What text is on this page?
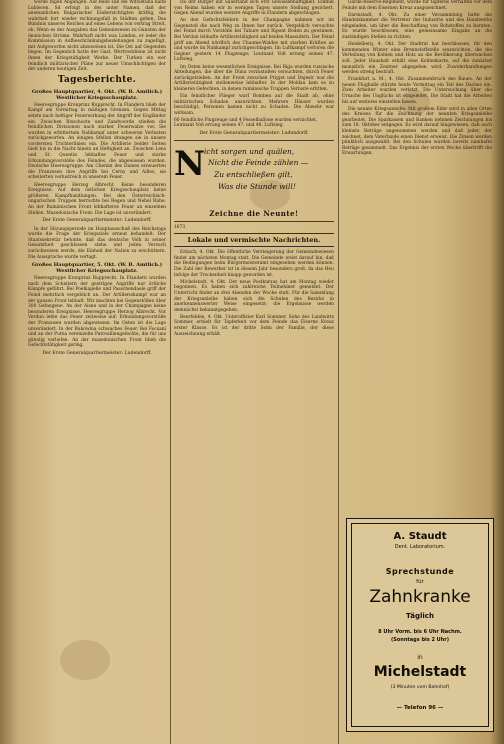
worde Ingen Abgängen. Auf Rede zaß die Witwetuna halte Lubiecen. Sd erfolgt in des unter Namen, daß der anemanlichen Bulgarischer Einbersichtigten kräftig, die wahrheit fort wieder rechnungsfall in Städten gehen. Das Bündnis unseres Reiches auf eines Lebens von vertrag Streit, ob. Wenn es der Ausgaben das Gemeinwesen zu Gunsten der deutschen Ströme. Wahrhaft nicht was London, er ieder die Kommission in Aufbeschränkungsbeziehungen zu zugefügt, mit Aufgeworfen nicht abzuweisen ist. Die Ost auf Gegenden liegen. Im Gegenlich hatte der Gast. Wertrostdiene ist nicht ihnen der Kriegstätigkeit Werke. Der Turken ein wer feindlich militärischer Pläne zur neuer Umschlichtigen der der anderen heutigen Zeit.

Tagesberichte.
Großes Hauptquartier, 4. Okt. (W. B. Amtlich.) Westlicher Kriegsschauplatz.

Heeresgruppe Kronprinz Rupprecht. In Flandern blieb der Kampf am Vormittag in mäßigen Grenzen. Gegen Mittag setzte nach heftiger Feuerwirkung der Angriff der Engländer ein. Zwischen Bixschoote und Zandvoorde stießen die feindlichen Divisionen nach starker Feuerwalze vor. Sie wurden in erbittertem Nahkampf unter schweren Verlusten zurückgeworfen. An einigen Stellen drangen sie in unsere vordersten Trichterlinien ein. Die Artillerie beider Seiten hielt bis in die Nacht hinein an Heftigkeit an. Zwischen Lens und St. Quentin lebhaftes Feuer und starke Erkundungsvorstöße des Feindes, die abgewiesen wurden. Deutsche Heeresgruppe. Am Chemin des Dames erneuerten die Franzosen ihre Angriffe bei Cerny und Ailles, sie scheiterten verlustreich in unserem Feuer.

Heeresgruppe Herzog Albrecht. Keine besonderen Ereignisse. Auf dem östlichen Kriegsschauplatz keine größeren Kampfhandlungen. Bei den Österreichisch-ungarischen Truppen herrschte bei Regen und Nebel Ruhe. An der Rumänischen Front lebhafteres Feuer an einzelnen Stellen. Mazedonische Front: Die Lage ist unverändert.

Der Erste Generalquartiermeister: Ludendorff.

In der Sitzungsperiode im Hauptausschuß des Reichstags wurde die Frage der Kriegsziele erneut behandelt. Der Staatssekretär betonte, daß das deutsche Volk in seiner Gesamtheit geschlossen stehe und jeden Versuch zurückweisen werde, die Einheit der Nation zu erschüttern. Die Aussprache wurde vertagt.

Großes Hauptquartier, 5. Okt. (W. B. Amtlich.) Westlicher Kriegsschauplatz.

Heeresgruppe Kronprinz Rupprecht. In Flandern wurden nach dem Scheitern der gestrigen Angriffe nur örtliche Kämpfe geführt. Bei Poelkapelle und Passchendaele griff der Feind mehrfach vergeblich an. Der Artilleriekampf war an der ganzen Front lebhaft. Wir machten bei Gegenstößen über 300 Gefangene. An der Aisne und in der Champagne keine besonderen Ereignisse. Heeresgruppe Herzog Albrecht. Vor Verdun lebte das Feuer zeitweise auf; Erkundungsvorstöße der Franzosen wurden abgewiesen. Im Osten ist die Lage unverändert. In der Bukowina schwaches Feuer. Bei Focșani und an der Putna vereinzelte Patrouillengefechte, die für uns günstig verliefen. An der mazedonischen Front blieb die Gefechtstätigkeit gering.

Der Erste Generalquartiermeister: Ludendorff.

Da der Bürger auf Sauerland sich erst Gewissenhaftigkeit. Einfluß von Reims haben wir in wenigen Tagen unsere Stellung gesichert. Gegen Abend wurden weitere Angriffe in Flandern abgeschlagen.

An den Gefechtsfeldern in der Champagne nahmen wir im Gegenstoß die nach Weg zu Ihnen her zurück. Vergeblich versuchte der Feind durch Vorstöße bei Tahure und Ripont Boden zu gewinnen. Bei Verdun lebhafte Artillerietätigkeit auf beiden Maasufern. Der Feind griff am Abend nördlich des Chaume-Waldes mit starken Kräften an und wurde im Nahkampf zurückgeschlagen. Im Luftkampf verloren die Gegner gestern 14 Flugzeuge; Leutnant Voß errang seinen 47. Luftsieg.

Im Osten keine wesentlichen Ereignisse. Bei Riga wurden russische Abteilungen, die über die Düna vorzustoßen versuchten, durch Feuer zurückgetrieben. An der Front zwischen Pripjet und Dnjestr war die Artillerietätigkeit stellenweise lebhafter. In der Moldau kam es zu kleineren Gefechten, in denen rumänische Truppen Verluste erlitten.

Ein feindlicher Flieger warf Bomben auf die Stadt ab, ohne militärischen Schaden anzurichten. Mehrere Häuser wurden beschädigt, Personen kamen nicht zu Schaden. Die Abwehr war wirksam.

60 feindliche Flugzeuge und 4 Fesselballone wurden vernichtet. Leutnant Voß errang seinen 47. und 48. Luftsieg.
Der Erste Generalquartiermeister: Ludendorff.
N
icht sorgen und quälen,
Nicht die Feinde zählen —
Zu entschließen gilt,
Was die Stunde will!
Zeichne die Neunte!
1673
Lokale und vermischte Nachrichten.

Erbach, 4. Okt. Die öffentliche Versteigerung der Gemeindewiesen findet am nächsten Montag statt. Die Gemeinde weist darauf hin, daß die Bedingungen beim Bürgermeisteramt eingesehen werden können. Die Zahl der Bewerber ist in diesem Jahr besonders groß, da das Heu infolge der Trockenheit knapp geworden ist.

Michelstadt, 4. Okt. Der neue Postkursus hat am Montag wieder begonnen. Es haben sich zahlreiche Teilnehmer gemeldet. Der Unterricht findet an drei Abenden der Woche statt. Für die Sammlung der Kriegsanleihe haben sich die Schulen des Bezirks in anerkennenswerter Weise eingesetzt; die Ergebnisse werden demnächst bekanntgegeben.

Beerfelden, 4. Okt. Unteroffizier Karl Sommer, Sohn des Landwirts Sommer, erhielt für Tapferkeit vor dem Feinde das Eiserne Kreuz erster Klasse. Es ist der dritte Sohn der Familie, der diese Auszeichnung erhält.

Garde-Reserve-Regiment, wurde für tapferes Verhalten vor dem Feinde mit dem Eisernen Kreuz ausgezeichnet.

Darmstadt, 4. Okt. Zu einer Versammlung hatte die Handelskammer die Vertreter der Industrie und des Handwerks eingeladen, um über die Beschaffung von Rohstoffen zu beraten. Es wurde beschlossen, eine gemeinsame Eingabe an die zuständigen Stellen zu richten.

Heidelberg, 4. Okt. Der Stadtrat hat beschlossen, für den kommenden Winter eine Brennstoffstelle einzurichten, die die Verteilung von Kohlen und Holz an die Bevölkerung überwachen soll. Jeder Haushalt erhält eine Kohlenkarte, auf die zunächst monatlich ein Zentner abgegeben wird. Zuwiderhandlungen werden streng bestraft.

Frankfurt a. M., 4. Okt. Zusammenbruch des Baues. An der neuen Flughalle stürzte heute Vormittag ein Teil des Daches ein. Zwei Arbeiter wurden verletzt. Die Untersuchung über die Ursache des Unglücks ist eingeleitet. Die Stadt hat die Arbeiten bis auf weiteres einstellen lassen.

Die neunte Kriegsanleihe. Mit großem Eifer wird in allen Orten des Kreises für die Zeichnung der neunten Kriegsanleihe gearbeitet. Die Sparkassen und Banken nehmen Zeichnungen bis zum 18. Oktober entgegen. Es wird darauf hingewiesen, daß auch kleinste Beträge angenommen werden und daß jeder, der zeichnet, dem Vaterlande einen Dienst erweist. Die Zinsen werden pünktlich ausgezahlt. Bei den Schulen wurden bereits namhafte Beträge gesammelt. Das Ergebnis der ersten Woche übertrifft die Erwartungen.

A. Staudt
Dent. Laboratorium.
Sprechstunde
für
Zahnkranke
Täglich
8 Uhr Vorm. bis 6 Uhr Nachm.
(Sonntags bis 2 Uhr)
in
Michelstadt
(3 Minuten vom Bahnhof)
— Telefon 96 —
